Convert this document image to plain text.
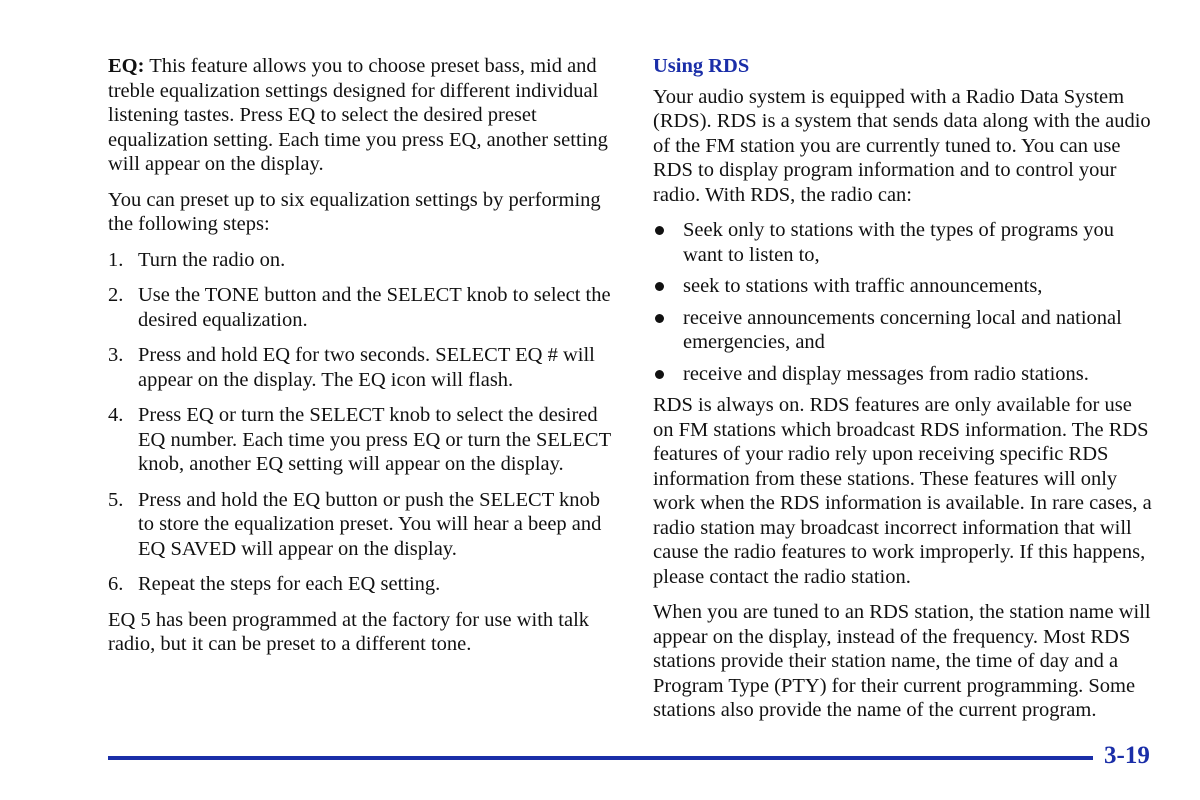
EQ: This feature allows you to choose preset bass, mid and treble equalization settings designed for different individual listening tastes. Press EQ to select the desired preset equalization setting. Each time you press EQ, another setting will appear on the display.

You can preset up to six equalization settings by performing the following steps:

1. Turn the radio on.
2. Use the TONE button and the SELECT knob to select the desired equalization.
3. Press and hold EQ for two seconds. SELECT EQ # will appear on the display. The EQ icon will flash.
4. Press EQ or turn the SELECT knob to select the desired EQ number. Each time you press EQ or turn the SELECT knob, another EQ setting will appear on the display.
5. Press and hold the EQ button or push the SELECT knob to store the equalization preset. You will hear a beep and EQ SAVED will appear on the display.
6. Repeat the steps for each EQ setting.

EQ 5 has been programmed at the factory for use with talk radio, but it can be preset to a different tone.

Using RDS

Your audio system is equipped with a Radio Data System (RDS). RDS is a system that sends data along with the audio of the FM station you are currently tuned to. You can use RDS to display program information and to control your radio. With RDS, the radio can:

Seek only to stations with the types of programs you want to listen to,
seek to stations with traffic announcements,
receive announcements concerning local and national emergencies, and
receive and display messages from radio stations.

RDS is always on. RDS features are only available for use on FM stations which broadcast RDS information. The RDS features of your radio rely upon receiving specific RDS information from these stations. These features will only work when the RDS information is available. In rare cases, a radio station may broadcast incorrect information that will cause the radio features to work improperly. If this happens, please contact the radio station.

When you are tuned to an RDS station, the station name will appear on the display, instead of the frequency. Most RDS stations provide their station name, the time of day and a Program Type (PTY) for their current programming. Some stations also provide the name of the current program.

3-19
